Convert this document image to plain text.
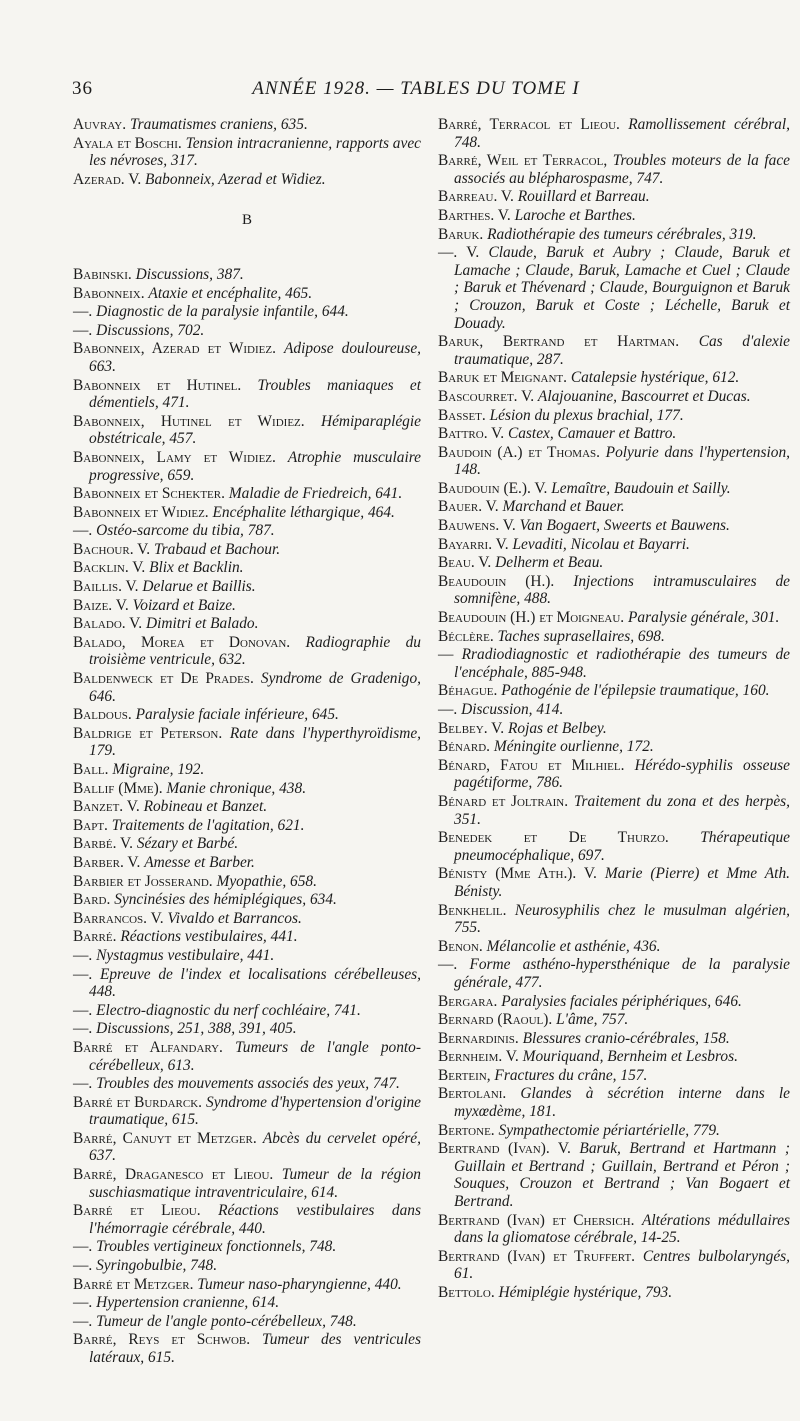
36	ANNÉE 1928. — TABLES DU TOME I

Auvray. Traumatismes craniens, 635.

Ayala et Boschi. Tension intracranienne, rapports avec les névroses, 317.

Azerad. V. Babonneix, Azerad et Widiez.

B

Babinski. Discussions, 387.

Babonneix. Ataxie et encéphalite, 465.

—. Diagnostic de la paralysie infantile, 644.

—. Discussions, 702.

Babonneix, Azerad et Widiez. Adipose douloureuse, 663.

Babonneix et Hutinel. Troubles maniaques et démentiels, 471.

Babonneix, Hutinel et Widiez. Hémiparaplégie obstétricale, 457.

Babonneix, Lamy et Widiez. Atrophie musculaire progressive, 659.

Babonneix et Schekter. Maladie de Friedreich, 641.

Babonneix et Widiez. Encéphalite léthargique, 464.

—. Ostéo-sarcome du tibia, 787.

Bachour. V. Trabaud et Bachour.

Backlin. V. Blix et Backlin.

Baillis. V. Delarue et Baillis.

Baize. V. Voizard et Baize.

Balado. V. Dimitri et Balado.

Balado, Morea et Donovan. Radiographie du troisième ventricule, 632.

Baldenweck et De Prades. Syndrome de Gradenigo, 646.

Baldous. Paralysie faciale inférieure, 645.

Baldrige et Peterson. Rate dans l'hyperthyroïdisme, 179.

Ball. Migraine, 192.

Ballif (Mme). Manie chronique, 438.

Banzet. V. Robineau et Banzet.

Bapt. Traitements de l'agitation, 621.

Barbé. V. Sézary et Barbé.

Barber. V. Amesse et Barber.

Barbier et Josserand. Myopathie, 658.

Bard. Syncinésies des hémiplégiques, 634.

Barrancos. V. Vivaldo et Barrancos.

Barré. Réactions vestibulaires, 441.

—. Nystagmus vestibulaire, 441.

—. Epreuve de l'index et localisations cérébelleuses, 448.

—. Electro-diagnostic du nerf cochléaire, 741.

—. Discussions, 251, 388, 391, 405.

Barré et Alfandary. Tumeurs de l'angle ponto-cérébelleux, 613.

—. Troubles des mouvements associés des yeux, 747.

Barré et Burdarck. Syndrome d'hypertension d'origine traumatique, 615.

Barré, Canuyt et Metzger. Abcès du cervelet opéré, 637.

Barré, Draganesco et Lieou. Tumeur de la région suschiasmatique intraventriculaire, 614.

Barré et Lieou. Réactions vestibulaires dans l'hémorragie cérébrale, 440.

—. Troubles vertigineux fonctionnels, 748.

—. Syringobulbie, 748.

Barré et Metzger. Tumeur naso-pharyngienne, 440.

—. Hypertension cranienne, 614.

—. Tumeur de l'angle ponto-cérébelleux, 748.

Barré, Reys et Schwob. Tumeur des ventricules latéraux, 615.

Barré, Terracol et Lieou. Ramollissement cérébral, 748.

Barré, Weil et Terracol, Troubles moteurs de la face associés au blépharospasme, 747.

Barreau. V. Rouillard et Barreau.

Barthes. V. Laroche et Barthes.

Baruk. Radiothérapie des tumeurs cérébrales, 319.

—. V. Claude, Baruk et Aubry ; Claude, Baruk et Lamache ; Claude, Baruk, Lamache et Cuel ; Claude ; Baruk et Thévenard ; Claude, Bourguignon et Baruk ; Crouzon, Baruk et Coste ; Léchelle, Baruk et Douady.

Baruk, Bertrand et Hartman. Cas d'alexie traumatique, 287.

Baruk et Meignant. Catalepsie hystérique, 612.

Bascourret. V. Alajouanine, Bascourret et Ducas.

Basset. Lésion du plexus brachial, 177.

Battro. V. Castex, Camauer et Battro.

Baudoin (A.) et Thomas. Polyurie dans l'hypertension, 148.

Baudouin (E.). V. Lemaître, Baudouin et Sailly.

Bauer. V. Marchand et Bauer.

Bauwens. V. Van Bogaert, Sweerts et Bauwens.

Bayarri. V. Levaditi, Nicolau et Bayarri.

Beau. V. Delherm et Beau.

Beaudouin (H.). Injections intramusculaires de somnifène, 488.

Beaudouin (H.) et Moigneau. Paralysie générale, 301.

Béclère. Taches suprasellaires, 698.

— Rradiodiagnostic et radiothérapie des tumeurs de l'encéphale, 885-948.

Béhague. Pathogénie de l'épilepsie traumatique, 160.

—. Discussion, 414.

Belbey. V. Rojas et Belbey.

Bénard. Méningite ourlienne, 172.

Bénard, Fatou et Milhiel. Hérédo-syphilis osseuse pagétiforme, 786.

Bénard et Joltrain. Traitement du zona et des herpès, 351.

Benedek et De Thurzo. Thérapeutique pneumocéphalique, 697.

Bénisty (Mme Ath.). V. Marie (Pierre) et Mme Ath. Bénisty.

Benkhelil. Neurosyphilis chez le musulman algérien, 755.

Benon. Mélancolie et asthénie, 436.

—. Forme asthéno-hypersthénique de la paralysie générale, 477.

Bergara. Paralysies faciales périphériques, 646.

Bernard (Raoul). L'âme, 757.

Bernardinis. Blessures cranio-cérébrales, 158.

Bernheim. V. Mouriquand, Bernheim et Lesbros.

Bertein, Fractures du crâne, 157.

Bertolani. Glandes à sécrétion interne dans le myxœdème, 181.

Bertone. Sympathectomie périartérielle, 779.

Bertrand (Ivan). V. Baruk, Bertrand et Hartmann ; Guillain et Bertrand ; Guillain, Bertrand et Péron ; Souques, Crouzon et Bertrand ; Van Bogaert et Bertrand.

Bertrand (Ivan) et Chersich. Altérations médullaires dans la gliomatose cérébrale, 14-25.

Bertrand (Ivan) et Truffert. Centres bulbolaryngés, 61.

Bettolo. Hémiplégie hystérique, 793.
